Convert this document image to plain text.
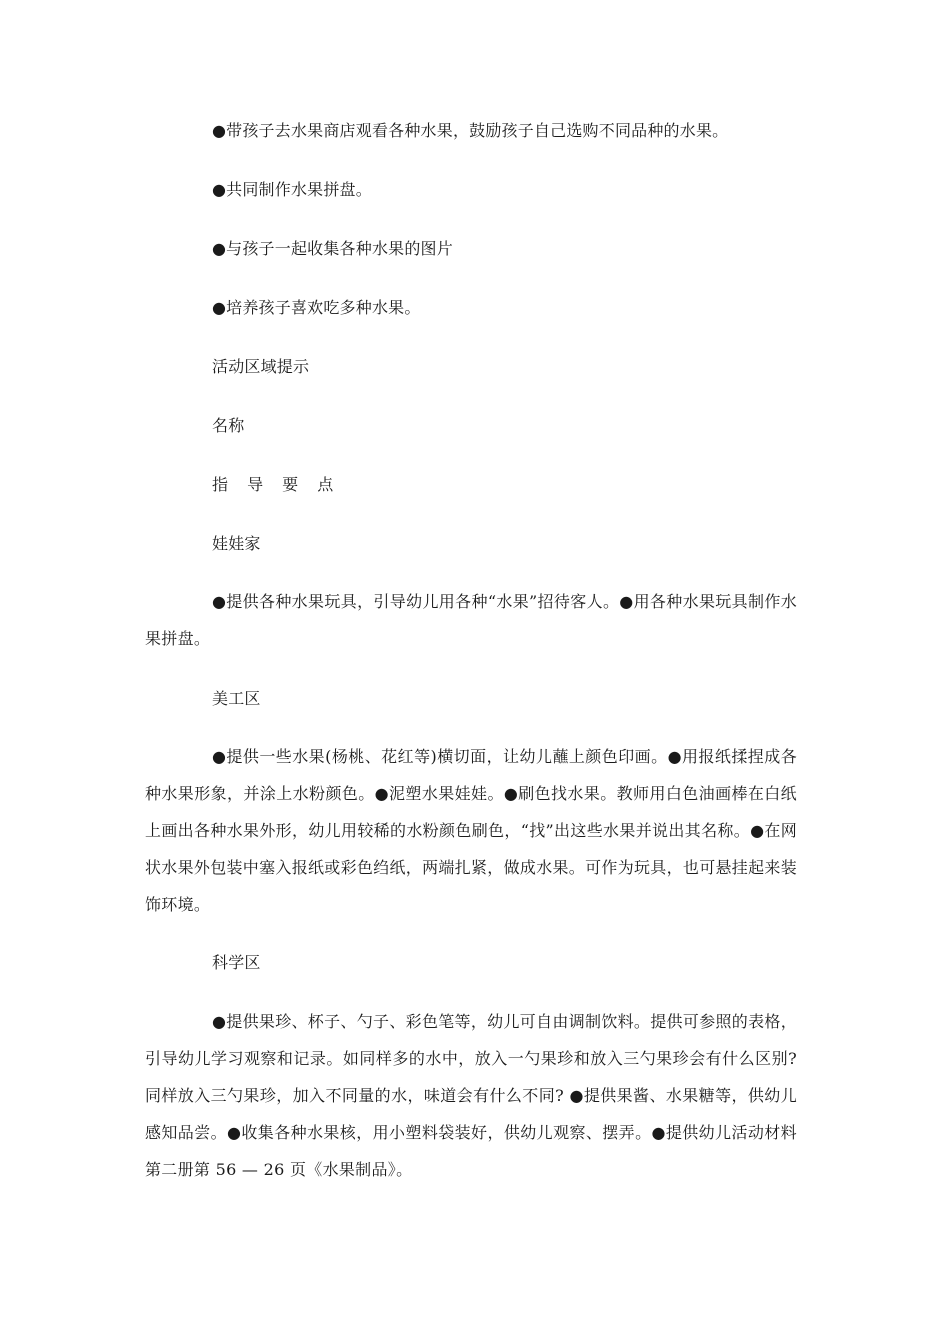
●带孩子去水果商店观看各种水果，鼓励孩子自己选购不同品种的水果。
●共同制作水果拼盘。
●与孩子一起收集各种水果的图片
●培养孩子喜欢吃多种水果。
活动区域提示
名称
指 导 要 点
娃娃家
●提供各种水果玩具，引导幼儿用各种“水果”招待客人。●用各种水果玩具制作水果拼盘。
美工区
●提供一些水果(杨桃、花红等)横切面，让幼儿蘸上颜色印画。●用报纸揉捏成各种水果形象，并涂上水粉颜色。●泥塑水果娃娃。●刷色找水果。教师用白色油画棒在白纸上画出各种水果外形，幼儿用较稀的水粉颜色刷色，“找”出这些水果并说出其名称。●在网状水果外包装中塞入报纸或彩色绉纸，两端扎紧，做成水果。可作为玩具，也可悬挂起来装饰环境。
科学区
●提供果珍、杯子、勺子、彩色笔等，幼儿可自由调制饮料。提供可参照的表格，引导幼儿学习观察和记录。如同样多的水中，放入一勺果珍和放入三勺果珍会有什么区别?同样放入三勺果珍，加入不同量的水，味道会有什么不同? ●提供果酱、水果糖等，供幼儿感知品尝。●收集各种水果核，用小塑料袋装好，供幼儿观察、摆弄。●提供幼儿活动材料第二册第 56 — 26 页《水果制品》。
